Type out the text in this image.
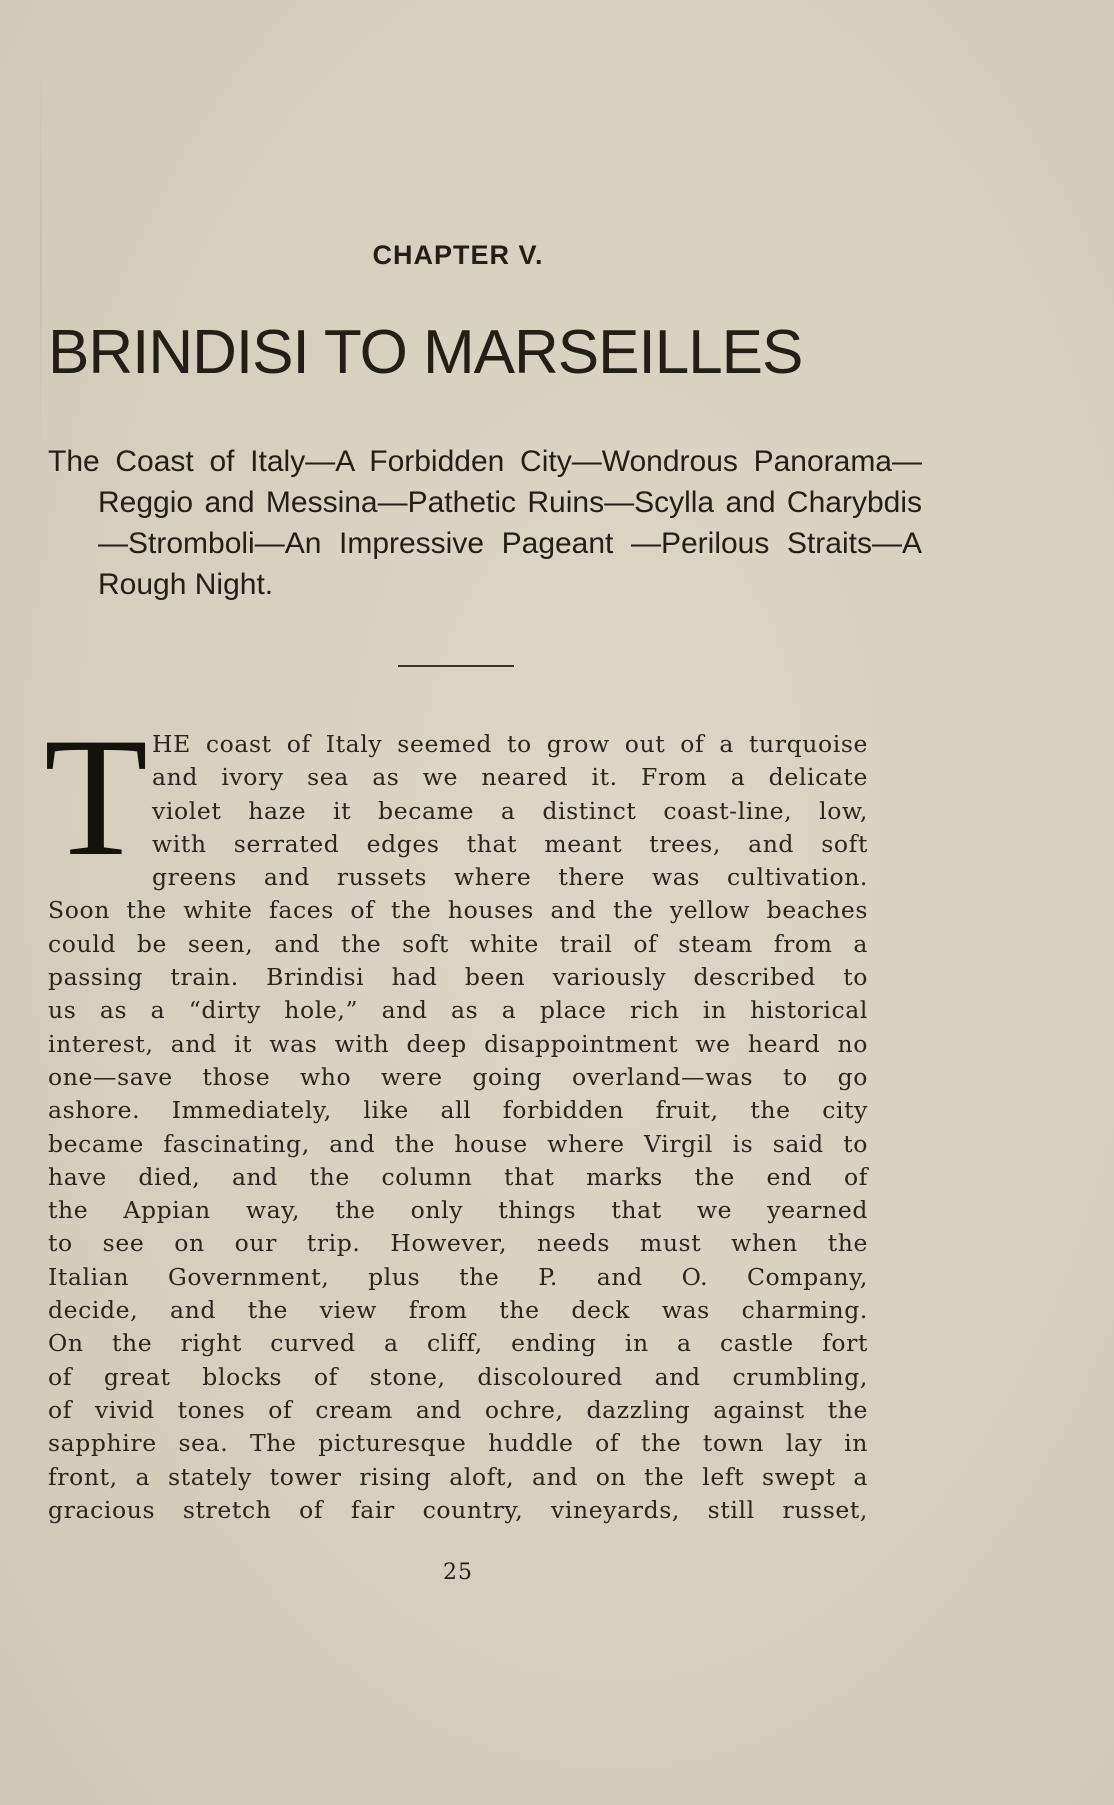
CHAPTER V.
BRINDISI TO MARSEILLES
The Coast of Italy—A Forbidden City—Wondrous Panorama—Reggio and Messina—Pathetic Ruins—Scylla and Charybdis—Stromboli—An Impressive Pageant —Perilous Straits—A Rough Night.
T HE coast of Italy seemed to grow out of a turquoise
and ivory sea as we neared it. From a delicate
violet haze it became a distinct coast-line, low,
with serrated edges that meant trees, and soft
greens and russets where there was cultivation.
Soon the white faces of the houses and the yellow beaches
could be seen, and the soft white trail of steam from a
passing train. Brindisi had been variously described to
us as a “dirty hole,” and as a place rich in historical
interest, and it was with deep disappointment we heard no
one—save those who were going overland—was to go
ashore. Immediately, like all forbidden fruit, the city
became fascinating, and the house where Virgil is said to
have died, and the column that marks the end of
the Appian way, the only things that we yearned
to see on our trip. However, needs must when the
Italian Government, plus the P. and O. Company,
decide, and the view from the deck was charming.
On the right curved a cliff, ending in a castle fort
of great blocks of stone, discoloured and crumbling,
of vivid tones of cream and ochre, dazzling against the
sapphire sea. The picturesque huddle of the town lay in
front, a stately tower rising aloft, and on the left swept a
gracious stretch of fair country, vineyards, still russet,
25
